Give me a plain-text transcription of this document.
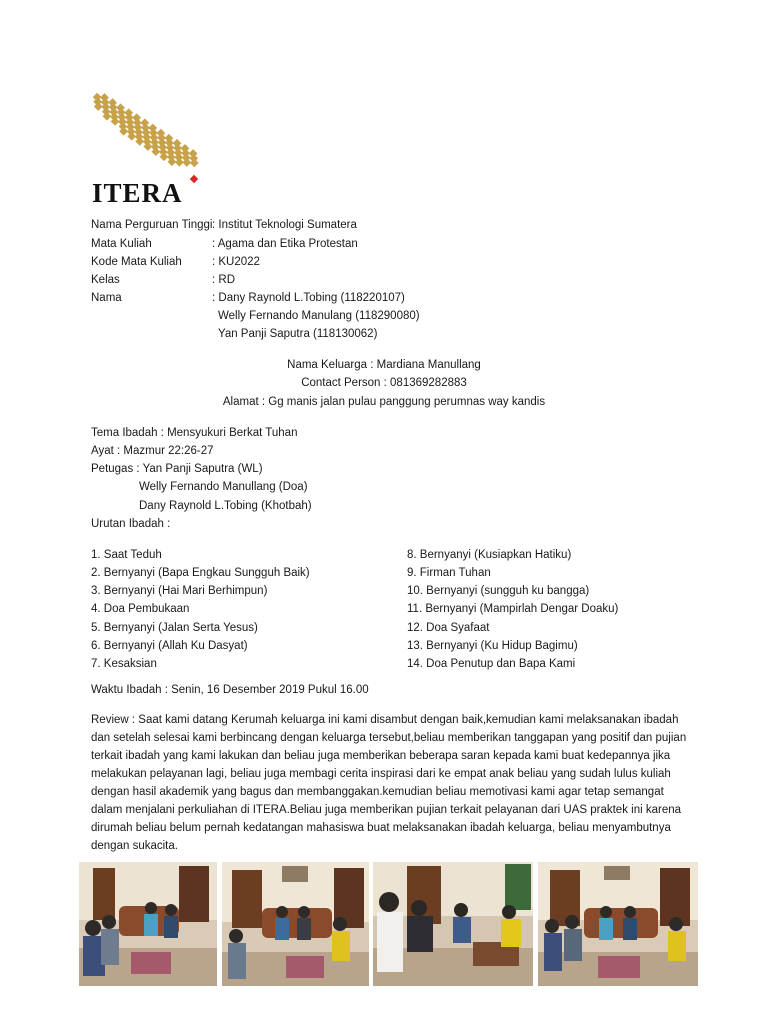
ITERA
Nama Perguruan Tinggi : Institut Teknologi Sumatera
Mata Kuliah	: Agama dan Etika Protestan
Kode Mata Kuliah	: KU2022
Kelas	: RD
Nama	: Dany Raynold L.Tobing (118220107)
Welly Fernando Manulang (118290080)
Yan Panji Saputra (118130062)
Nama Keluarga : Mardiana Manullang
Contact Person : 081369282883
Alamat : Gg manis jalan pulau panggung perumnas way kandis
Tema Ibadah : Mensyukuri Berkat Tuhan
Ayat : Mazmur 22:26-27
Petugas : Yan Panji Saputra (WL)
Welly Fernando Manullang (Doa)
Dany Raynold L.Tobing (Khotbah)
Urutan Ibadah :
1. Saat Teduh
2. Bernyanyi (Bapa Engkau Sungguh Baik)
3. Bernyanyi (Hai Mari Berhimpun)
4. Doa Pembukaan
5. Bernyanyi (Jalan Serta Yesus)
6. Bernyanyi (Allah Ku Dasyat)
7. Kesaksian
8. Bernyanyi (Kusiapkan Hatiku)
9. Firman Tuhan
10. Bernyanyi (sungguh ku bangga)
11. Bernyanyi (Mampirlah Dengar Doaku)
12. Doa Syafaat
13. Bernyanyi (Ku Hidup Bagimu)
14. Doa Penutup dan Bapa Kami
Waktu Ibadah : Senin, 16 Desember 2019 Pukul 16.00
Review : Saat kami datang Kerumah keluarga ini kami disambut dengan baik,kemudian kami melaksanakan ibadah dan setelah selesai kami berbincang dengan keluarga tersebut,beliau memberikan tanggapan yang positif dan pujian terkait ibadah yang kami lakukan dan beliau juga memberikan beberapa saran kepada kami buat kedepannya jika melakukan pelayanan lagi, beliau juga membagi cerita inspirasi dari ke empat anak beliau yang sudah lulus kuliah dengan hasil akademik yang bagus dan membanggakan.kemudian beliau memotivasi kami agar tetap semangat dalam menjalani perkuliahan di ITERA.Beliau juga memberikan pujian terkait pelayanan dari UAS praktek ini karena dirumah beliau belum pernah kedatangan mahasiswa buat melaksanakan ibadah keluarga, beliau menyambutnya dengan sukacita.
